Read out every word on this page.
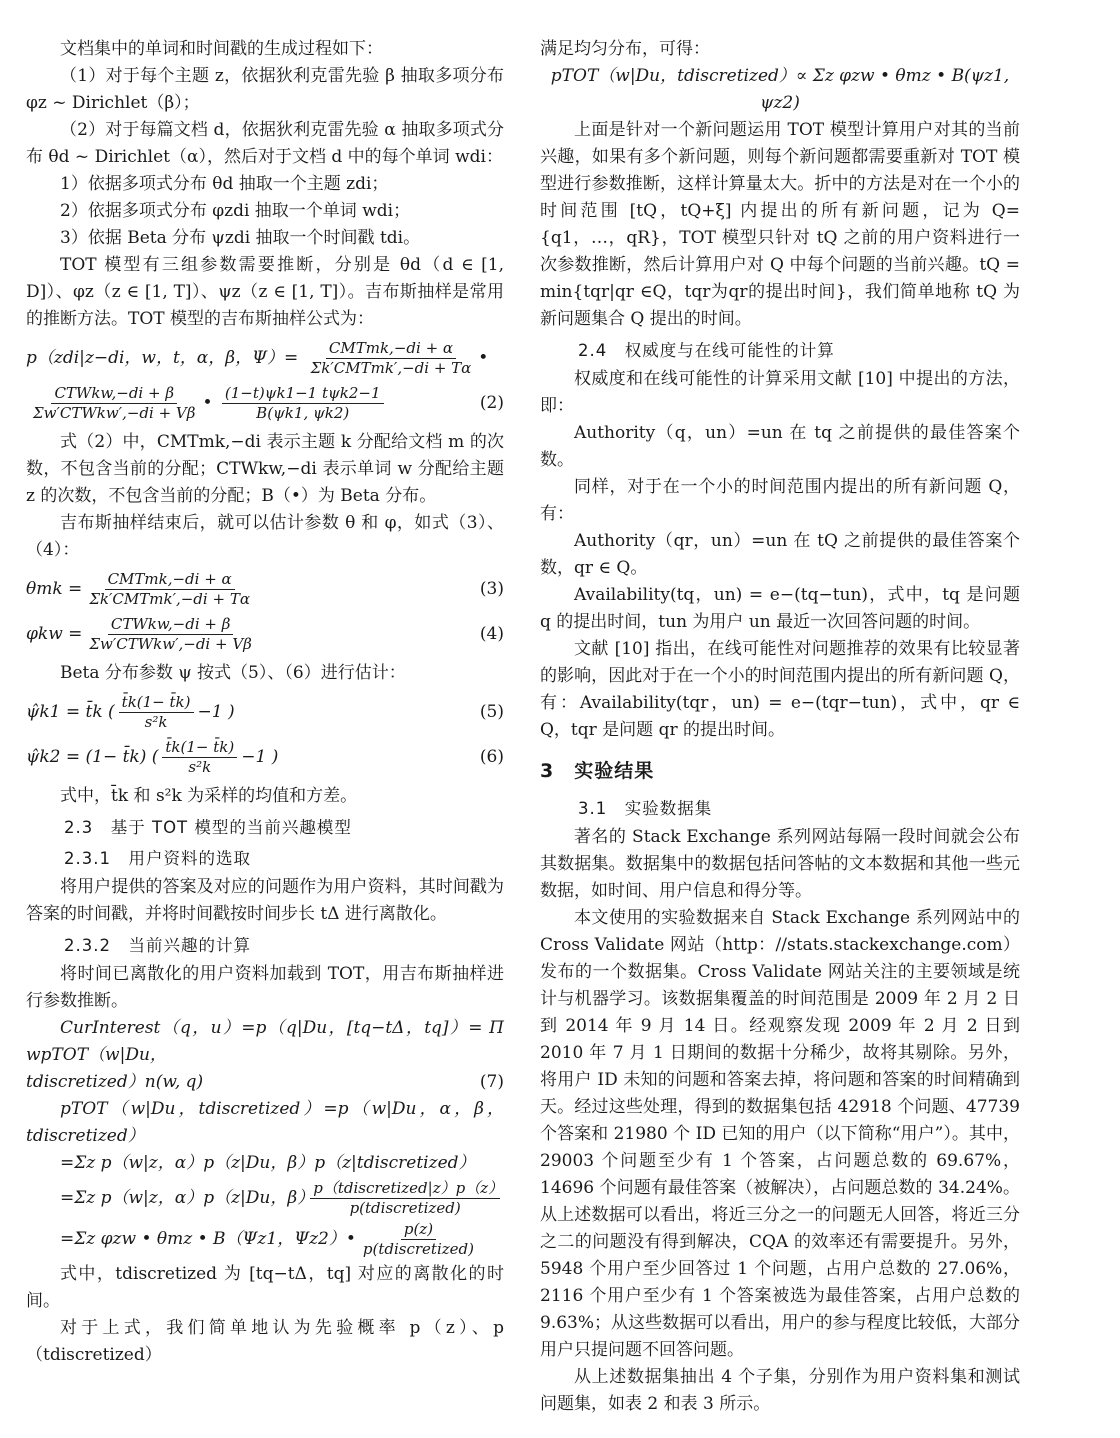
文档集中的单词和时间戳的生成过程如下：

（1）对于每个主题 z，依据狄利克雷先验 β 抽取多项分布 φz ~ Dirichlet（β）；

（2）对于每篇文档 d，依据狄利克雷先验 α 抽取多项式分布 θd ~ Dirichlet（α），然后对于文档 d 中的每个单词 wdi：

1）依据多项式分布 θd 抽取一个主题 zdi；

2）依据多项式分布 φzdi 抽取一个单词 wdi；

3）依据 Beta 分布 ψzdi 抽取一个时间戳 tdi。

TOT 模型有三组参数需要推断，分别是 θd（d ∈ [1, D]）、φz（z ∈ [1, T]）、ψz（z ∈ [1, T]）。吉布斯抽样是常用的推断方法。TOT 模型的吉布斯抽样公式为：

p（zdi|z−di，w，t，α，β，$\Psi)= \frac{\text{CMTmk,−di + α}}{\text{Σk′CMTmk′,−di + Tα}}$ •
$\frac{\text{CTWkw,−di + β}}{\text{Σw′CTWkw′,−di + Vβ}}$ • $\frac{\text{(1−t)ψk1−1 tψk2−1}}{B(\psi k1, \psi k2)}$	(2)

式（2）中，CMTmk,−di 表示主题 k 分配给文档 m 的次数，不包含当前的分配；CTWkw,−di 表示单词 w 分配给主题 z 的次数，不包含当前的分配；B（•）为 Beta 分布。

吉布斯抽样结束后，就可以估计参数 θ 和 φ，如式（3）、（4）：

$\theta mk = \frac{\text{CMTmk,−di + α}}{\text{Σk′CMTmk′,−di + Tα}}$	(3)
$\varphi kw = \frac{\text{CTWkw,−di + β}}{\text{Σw′CTWkw′,−di + Vβ}}$	(4)

Beta 分布参数 ψ 按式（5）、（6）进行估计：

ψ̂k1 = t̄k ( $\frac{t̄k(1- t̄k)}{\text{s²k}} -1$ )	(5)
ψ̂k2 = (1− t̄k) ( $\frac{t̄k(1- t̄k)}{\text{s²k}} -1$ )	(6)

式中，t̄k 和 s²k 为采样的均值和方差。

2.3　基于 TOT 模型的当前兴趣模型
2.3.1　用户资料的选取

将用户提供的答案及对应的问题作为用户资料，其时间戳为答案的时间戳，并将时间戳按时间步长 tΔ 进行离散化。

2.3.2　当前兴趣的计算

将时间已离散化的用户资料加载到 TOT，用吉布斯抽样进行参数推断。

CurInterest（q，u）=p（q|Du，[tq−tΔ，tq]）= Π wpTOT（w|Du，

tdiscretized）n(w, q)	(7)

pTOT（w|Du，tdiscretized）=p（w|Du，α，β，tdiscretized）

=Σz p（w|z，α）p（z|Du，β）p（z|tdiscretized）

=Σz p（w|z，α）p（z|Du，β）
$\frac{\text{p（tdiscretized|z）p（z）}}{\text{p(tdiscretized)}}$
=Σz φzw • θmz • B（Ψz1，Ψz2）• $\frac{p(z)}{\text{p(tdiscretized)}}$

式中，tdiscretized 为 [tq−tΔ，tq] 对应的离散化的时间。

对于上式，我们简单地认为先验概率 p（z）、p（tdiscretized）

满足均匀分布，可得：

pTOT（w|Du，tdiscretized）∝ Σz φzw • θmz • B(ψz1, ψz2)

上面是针对一个新问题运用 TOT 模型计算用户对其的当前兴趣，如果有多个新问题，则每个新问题都需要重新对 TOT 模型进行参数推断，这样计算量太大。折中的方法是对在一个小的时间范围 [tQ，tQ+ξ] 内提出的所有新问题，记为 Q={q1，…，qR}，TOT 模型只针对 tQ 之前的用户资料进行一次参数推断，然后计算用户对 Q 中每个问题的当前兴趣。tQ = min{tqr|qr ∈Q，tqr为qr的提出时间}，我们简单地称 tQ 为新问题集合 Q 提出的时间。

2.4　权威度与在线可能性的计算

权威度和在线可能性的计算采用文献 [10] 中提出的方法，即：

Authority（q，un）=un 在 tq 之前提供的最佳答案个数。

同样，对于在一个小的时间范围内提出的所有新问题 Q，有：

Authority（qr，un）=un 在 tQ 之前提供的最佳答案个数，qr ∈ Q。

Availability(tq，un) = e−(tq−tun)，式中，tq 是问题 q 的提出时间，tun 为用户 un 最近一次回答问题的时间。

文献 [10] 指出，在线可能性对问题推荐的效果有比较显著的影响，因此对于在一个小的时间范围内提出的所有新问题 Q，有：Availability(tqr，un) = e−(tqr−tun)，式中，qr ∈ Q，tqr 是问题 qr 的提出时间。

3　实验结果
3.1　实验数据集

著名的 Stack Exchange 系列网站每隔一段时间就会公布其数据集。数据集中的数据包括问答帖的文本数据和其他一些元数据，如时间、用户信息和得分等。

本文使用的实验数据来自 Stack Exchange 系列网站中的 Cross Validate 网站（http：//stats.stackexchange.com）发布的一个数据集。Cross Validate 网站关注的主要领域是统计与机器学习。该数据集覆盖的时间范围是 2009 年 2 月 2 日到 2014 年 9 月 14 日。经观察发现 2009 年 2 月 2 日到 2010 年 7 月 1 日期间的数据十分稀少，故将其剔除。另外，将用户 ID 未知的问题和答案去掉，将问题和答案的时间精确到天。经过这些处理，得到的数据集包括 42918 个问题、47739 个答案和 21980 个 ID 已知的用户（以下简称“用户”）。其中，29003 个问题至少有 1 个答案，占问题总数的 69.67%，14696 个问题有最佳答案（被解决），占问题总数的 34.24%。从上述数据可以看出，将近三分之一的问题无人回答，将近三分之二的问题没有得到解决，CQA 的效率还有需要提升。另外，5948 个用户至少回答过 1 个问题，占用户总数的 27.06%，2116 个用户至少有 1 个答案被选为最佳答案，占用户总数的 9.63%；从这些数据可以看出，用户的参与程度比较低，大部分用户只提问题不回答问题。

从上述数据集抽出 4 个子集，分别作为用户资料集和测试问题集，如表 2 和表 3 所示。
